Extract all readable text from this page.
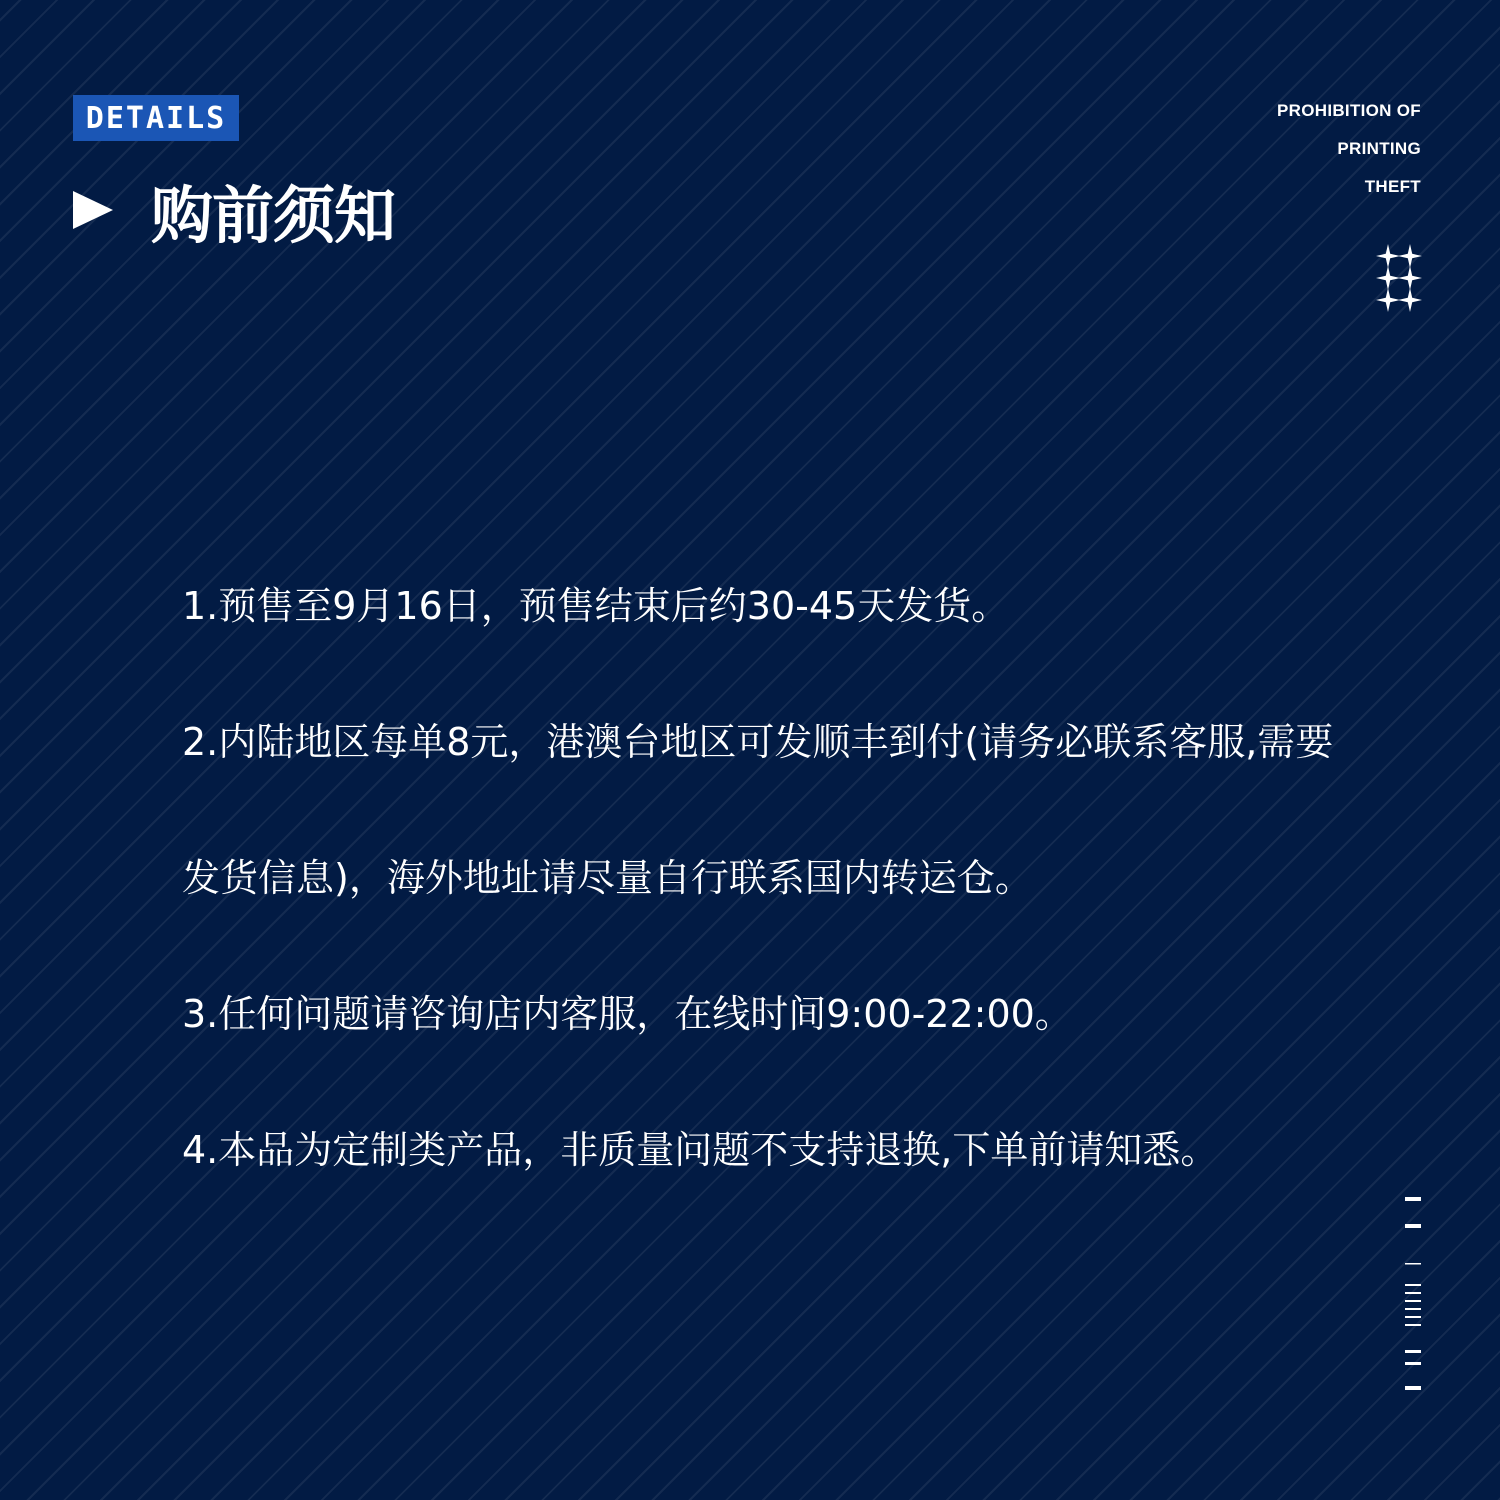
DETAILS
购前须知
PROHIBITION OF
PRINTING
THEFT

1.预售至9月16日，预售结束后约30-45天发货。

2.内陆地区每单8元，港澳台地区可发顺丰到付(请务必联系客服,需要发货信息)，海外地址请尽量自行联系国内转运仓。

3.任何问题请咨询店内客服，在线时间9:00-22:00。

4.本品为定制类产品，非质量问题不支持退换,下单前请知悉。
